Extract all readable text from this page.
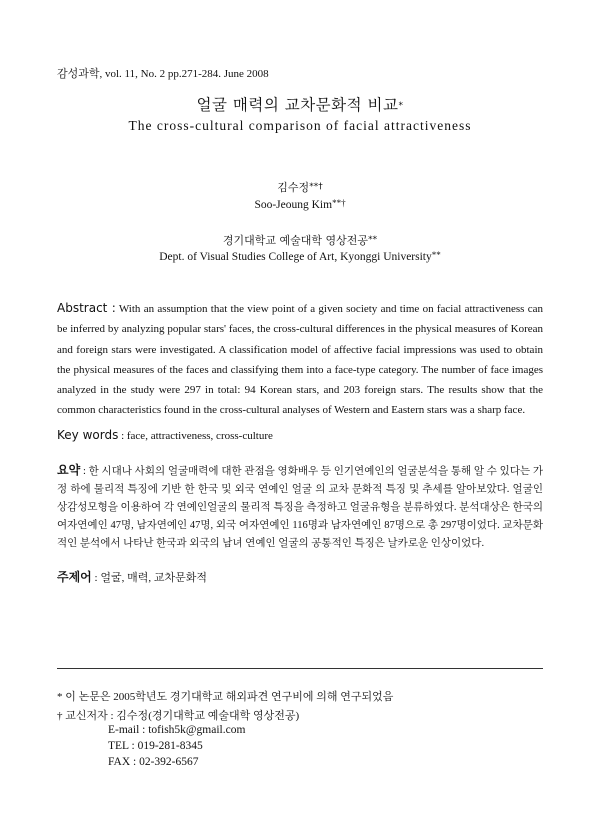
감성과학, vol. 11, No. 2 pp.271-284. June 2008
얼굴 매력의 교차문화적 비교*
The cross-cultural comparison of facial attractiveness
김수정**†
Soo-Jeoung Kim**†
경기대학교 예술대학 영상전공**
Dept. of Visual Studies College of Art, Kyonggi University**
Abstract : With an assumption that the view point of a given society and time on facial attractiveness can be inferred by analyzing popular stars' faces, the cross-cultural differences in the physical measures of Korean and foreign stars were investigated. A classification model of affective facial impressions was used to obtain the physical measures of the faces and classifying them into a face-type category. The number of face images analyzed in the study were 297 in total: 94 Korean stars, and 203 foreign stars. The results show that the common characteristics found in the cross-cultural analyses of Western and Eastern stars was a sharp face.
Key words : face, attractiveness, cross-culture
요약 : 한 시대나 사회의 얼굴매력에 대한 관점을 영화배우 등 인기연예인의 얼굴분석을 통해 알 수 있다는 가정 하에 물리적 특징에 기반 한 한국 및 외국 연예인 얼굴 의 교차 문화적 특징 및 추세를 알아보았다. 얼굴인상감성모형을 이용하여 각 연예인얼굴의 물리적 특징을 측정하고 얼굴유형을 분류하였다. 분석대상은 한국의 여자연예인 47명, 남자연예인 47명, 외국 여자연예인 116명과 남자연예인 87명으로 총 297명이었다. 교차문화적인 분석에서 나타난 한국과 외국의 남녀 연예인 얼굴의 공통적인 특징은 날카로운 인상이었다.
주제어 : 얼굴, 매력, 교차문화적
* 이 논문은 2005학년도 경기대학교 해외파견 연구비에 의해 연구되었음
† 교신저자 : 김수정(경기대학교 예술대학 영상전공)
E-mail : tofish5k@gmail.com
TEL : 019-281-8345
FAX : 02-392-6567
